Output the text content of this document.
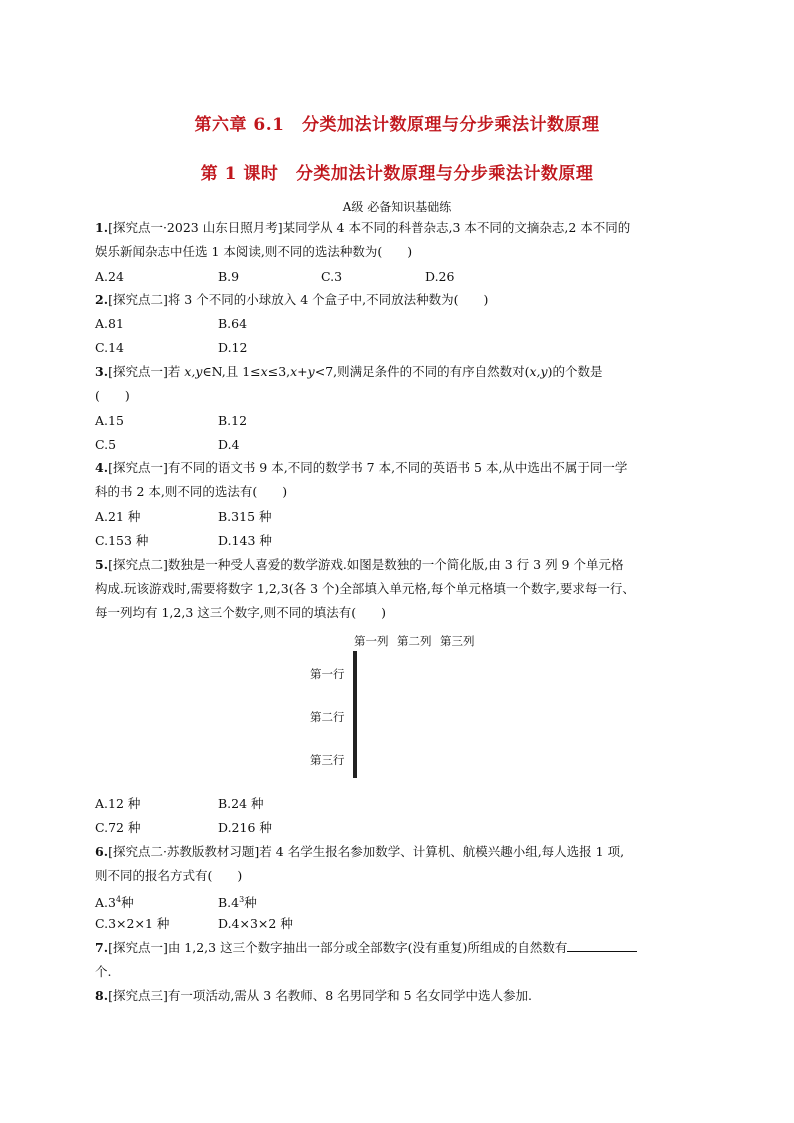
第六章 6.1　分类加法计数原理与分步乘法计数原理
第 1 课时　分类加法计数原理与分步乘法计数原理
A级 必备知识基础练
1.[探究点一·2023 山东日照月考]某同学从 4 本不同的科普杂志,3 本不同的文摘杂志,2 本不同的
娱乐新闻杂志中任选 1 本阅读,则不同的选法种数为(　　)
A.24	B.9	C.3	D.26
2.[探究点二]将 3 个不同的小球放入 4 个盒子中,不同放法种数为(　　)
A.81	B.64
C.14	D.12
3.[探究点一]若 x,y∈N,且 1≤x≤3,x+y<7,则满足条件的不同的有序自然数对(x,y)的个数是
(　　)
A.15	B.12
C.5	D.4
4.[探究点一]有不同的语文书 9 本,不同的数学书 7 本,不同的英语书 5 本,从中选出不属于同一学
科的书 2 本,则不同的选法有(　　)
A.21 种	B.315 种
C.153 种	D.143 种
5.[探究点二]数独是一种受人喜爱的数学游戏.如图是数独的一个简化版,由 3 行 3 列 9 个单元格
构成.玩该游戏时,需要将数字 1,2,3(各 3 个)全部填入单元格,每个单元格填一个数字,要求每一行、
每一列均有 1,2,3 这三个数字,则不同的填法有(　　)
第一列 第二列 第三列
第一行
第二行
第三行

A.12 种	B.24 种
C.72 种	D.216 种
6.[探究点二·苏教版教材习题]若 4 名学生报名参加数学、计算机、航模兴趣小组,每人选报 1 项,
则不同的报名方式有(　　)
$A.3^4$种	$B.4^3$种
C.3×2×1 种	D.4×3×2 种
7.[探究点一]由 1,2,3 这三个数字抽出一部分或全部数字(没有重复)所组成的自然数有
个.
8.[探究点三]有一项活动,需从 3 名教师、8 名男同学和 5 名女同学中选人参加.
